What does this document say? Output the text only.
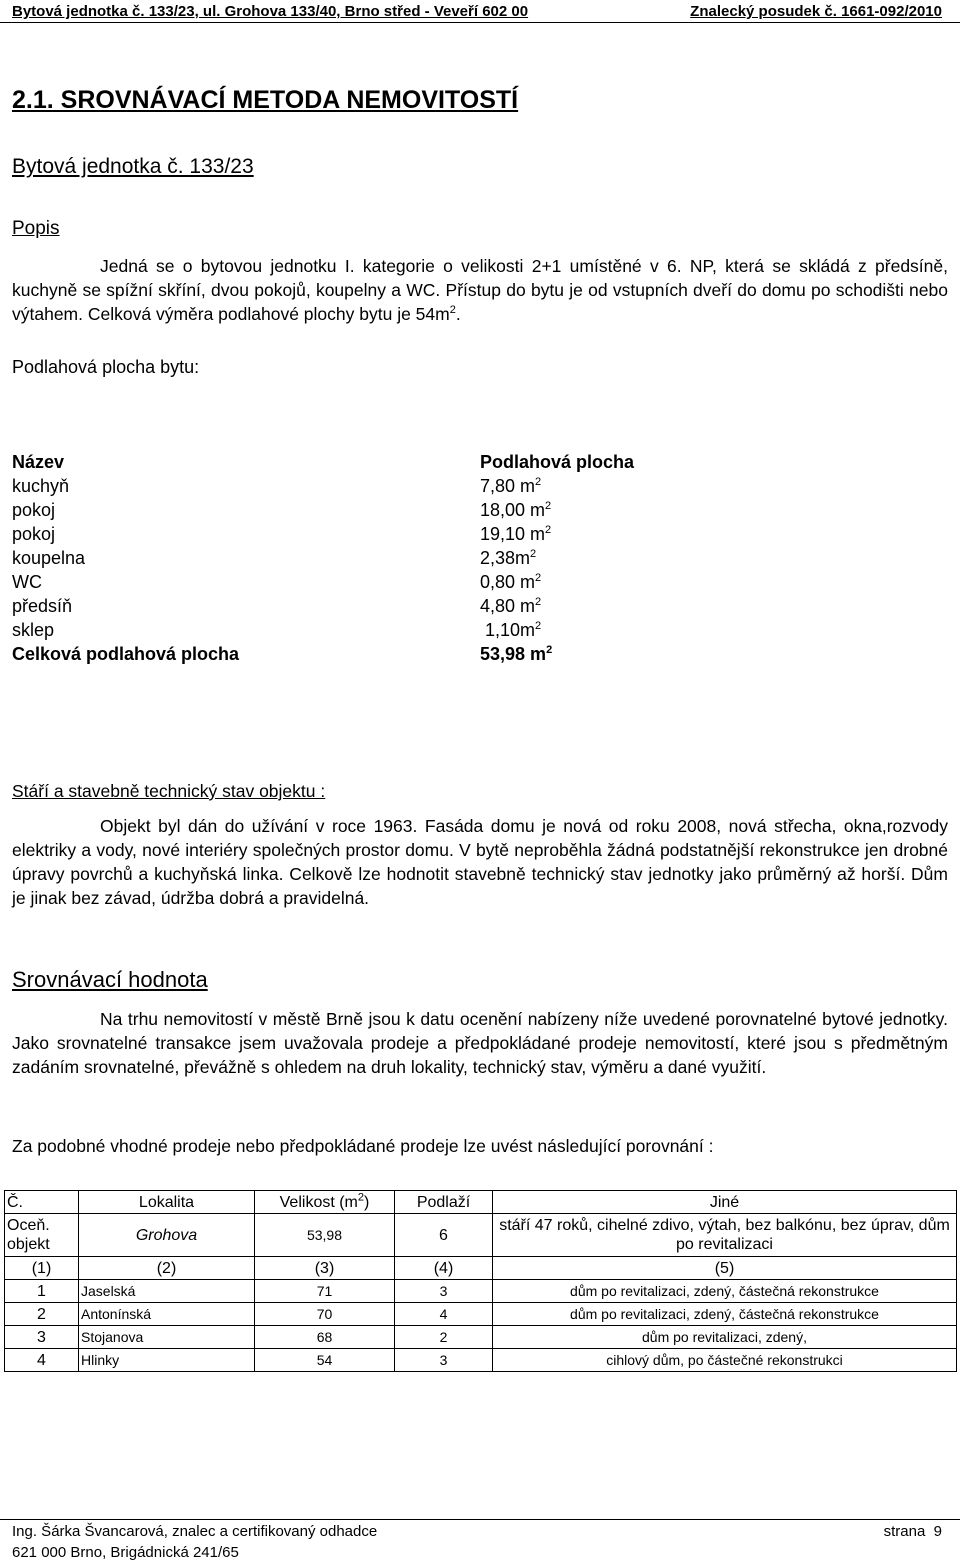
Bytová jednotka č. 133/23, ul. Grohova 133/40, Brno střed - Veveří 602 00	Znalecký posudek č. 1661-092/2010
2.1. SROVNÁVACÍ METODA NEMOVITOSTÍ
Bytová jednotka č. 133/23
Popis
Jedná se o bytovou jednotku I. kategorie o velikosti 2+1 umístěné v 6. NP, která se skládá z předsíně, kuchyně se spížní skříní, dvou pokojů, koupelny a WC. Přístup do bytu je od vstupních dveří do domu po schodišti nebo výtahem. Celková výměra podlahové plochy bytu je $54m^2$.
Podlahová plocha bytu:
Název	Podlahová plocha
kuchyň	7,80 $m^2$
pokoj	18,00 $m^2$
pokoj	19,10 $m^2$
koupelna	$2,38m^2$
WC	0,80 $m^2$
předsíň	4,80 $m^2$
sklep	$1,10m^2$
Celková podlahová plocha	53,98 $m^2$
Stáří a stavebně technický stav objektu :
Objekt byl dán do užívání v roce 1963. Fasáda domu je nová od roku 2008, nová střecha, okna,rozvody elektriky a vody, nové interiéry společných prostor domu. V bytě neproběhla žádná podstatnější rekonstrukce jen drobné úpravy povrchů a kuchyňská linka. Celkově lze hodnotit stavebně technický stav jednotky jako průměrný až horší. Dům je jinak bez závad, údržba dobrá a pravidelná.
Srovnávací hodnota
Na trhu nemovitostí v městě Brně jsou k datu ocenění nabízeny níže uvedené porovnatelné bytové jednotky. Jako srovnatelné transakce jsem uvažovala prodeje a předpokládané prodeje nemovitostí, které jsou s předmětným zadáním srovnatelné, převážně s ohledem na druh lokality, technický stav, výměru a dané využití.
Za podobné vhodné prodeje nebo předpokládané prodeje lze uvést následující porovnání :
Č.	Lokalita	Velikost $(m^2)$	Podlaží	Jiné
Oceň. objekt	Grohova	53,98	6	stáří 47 roků, cihelné zdivo, výtah, bez balkónu, bez úprav, dům po revitalizaci
(1)	(2)	(3)	(4)	(5)
1	Jaselská	71	3	dům po revitalizaci, zdený, částečná rekonstrukce
2	Antonínská	70	4	dům po revitalizaci, zdený, částečná rekonstrukce
3	Stojanova	68	2	dům po revitalizaci, zdený,
4	Hlinky	54	3	cihlový dům, po částečné rekonstrukci
Ing. Šárka Švancarová, znalec a certifikovaný odhadce
621 000 Brno, Brigádnická 241/65
strana  9
